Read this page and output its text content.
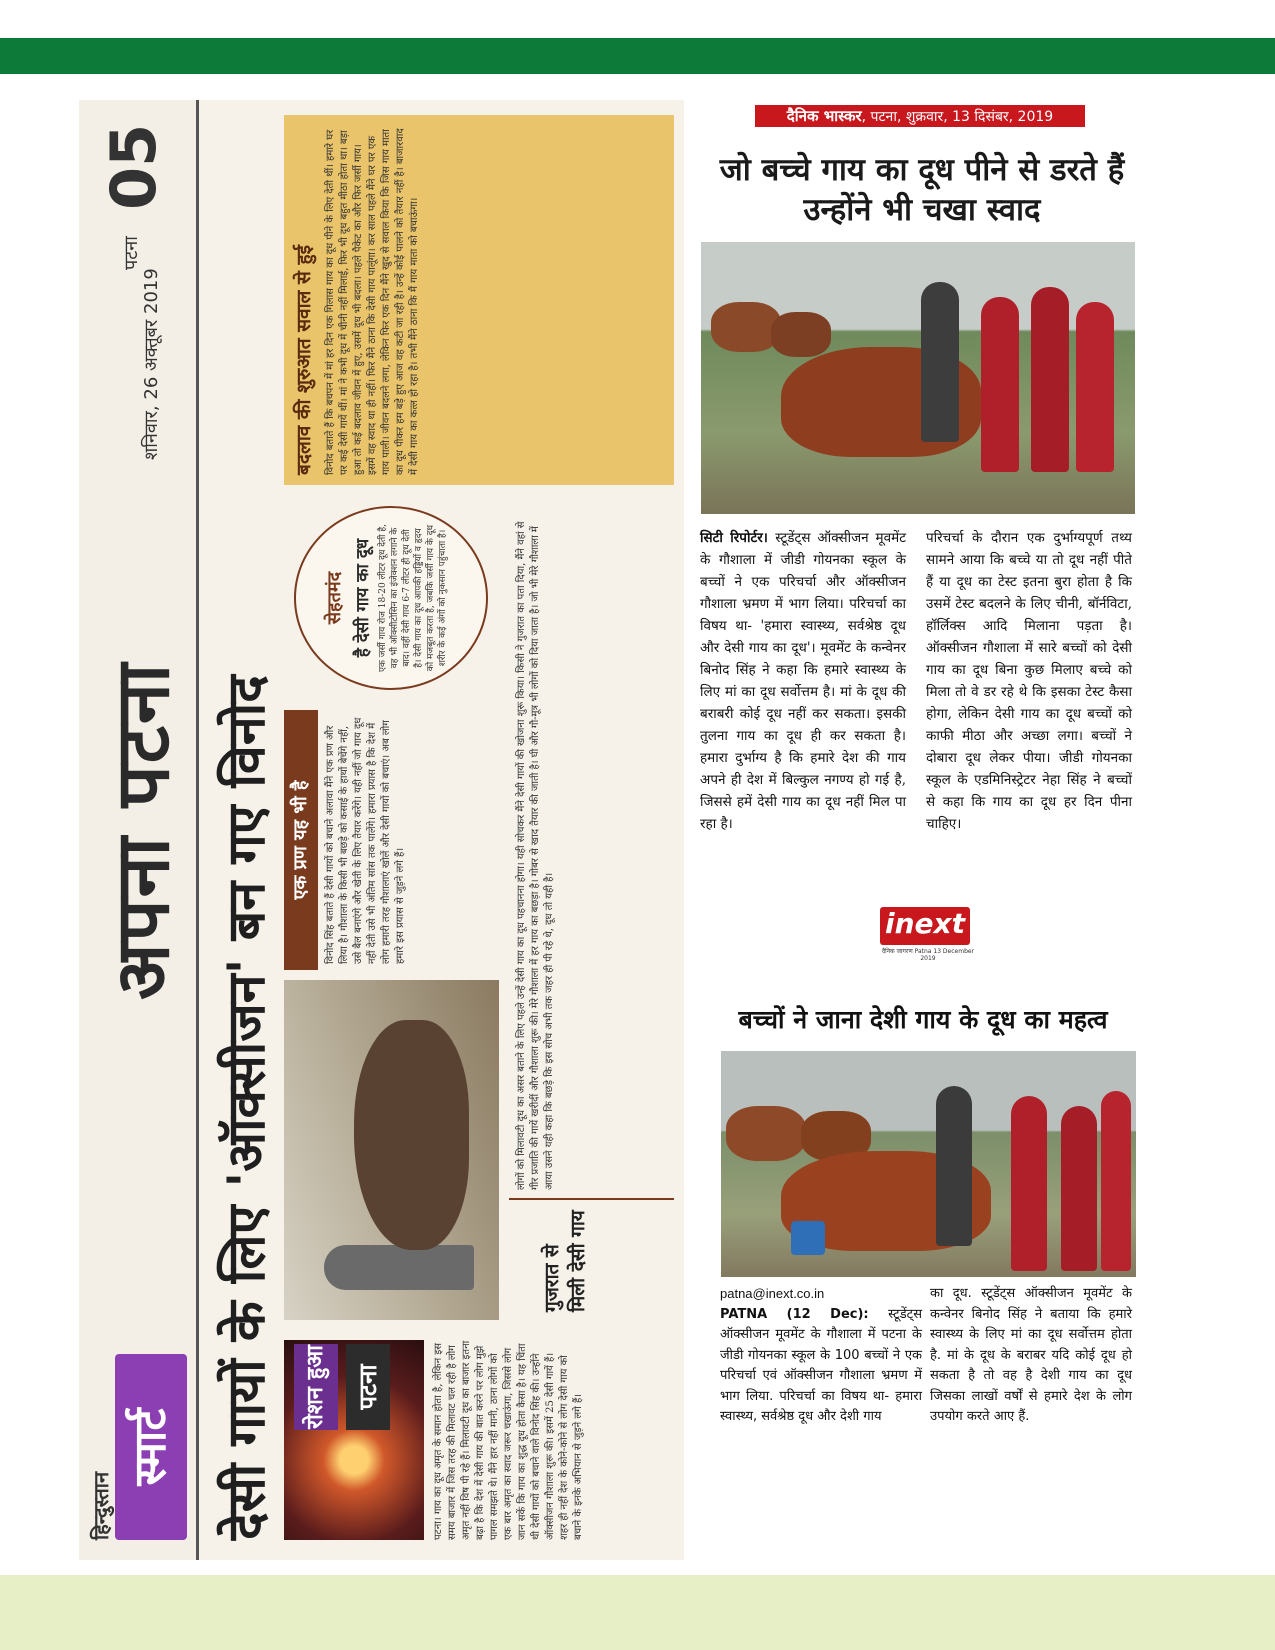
हिन्दुस्तान
स्मार्ट
अपना पटना
शनिवार, 26 अक्तूबर 2019
पटना
05
देसी गायों के लिए 'ऑक्सीजन' बन गए विनोद	रोशन हुआ	पटना	पटना। गाय का दूध अमृत के समान होता है, लेकिन इस समय बाजार में जिस तरह की मिलावट चल रही है लोग अमृत नहीं विष पी रहे हैं। मिलावटी दूध का बाजार इतना बढ़ा है कि देश में देसी गाय की बात करने पर लोग मुझे पागल समझते थे। मैंने हार नहीं मानी, ठाना लोगों को एक बार अमृत का स्वाद जरूर चखाऊंगा, जिससे लोग जान सकें कि गाय का शुद्ध दूध होता कैसा है। यह चिंता थी देसी गायों को बचाने वाले विनोद सिंह की। उन्होंने ऑक्सीजन गौशाला शुरू की। इसमें 25 देसी गायें हैं। शहर ही नहीं देश के कोने-कोने से लोग देसी गाय को बचाने के इनके अभियान से जुड़ने लगे हैं।
एक प्रण यह भी है	विनोद सिंह बताते हैं देसी गायों को बचाने अलावा मैंने एक प्रण और लिया है। गौशाला के किसी भी बछड़े को कसाई के हाथों बेचेंगे नहीं, उसे बैल बनाएंगे और खेती के लिए तैयार करेंगे। यही नहीं जो गाय दूध नहीं देती उसे भी अंतिम सांस तक पालेंगे। हमारा प्रयास है कि देश में लोग हमारी तरह गौशालाएं खोलें और देसी गायों को बचाएं। अब लोग हमारे इस प्रयास से जुड़ने लगे हैं।
सेहतमंद है देसी गाय का दूध एक जर्सी गाय रोज 18-20 लीटर दूध देती है, वह भी ऑक्सीटोसिन का इंजेक्शन लगाने के बाद। वहीं देसी गाय 6-7 लीटर ही दूध देती है। देसी गाय का दूध आपकी हड्डियों व हृदय को मजबूत करता है, जबकि जर्सी गाय के दूध शरीर के कई अंगों को नुकसान पहुंचाता है।
बदलाव की शुरुआत सवाल से हुई	विनोद बताते हैं कि बचपन में मां हर दिन एक गिलास गाय का दूध पीने के लिए देती थीं। हमारे घर पर कई देसी गायें थीं। मां ने कभी दूध में चीनी नहीं मिलाई, फिर भी दूध बहुत मीठा होता था। बड़ा हुआ तो कई बदलाव जीवन में हुए, उसमें दूध भी बदला। पहले पैकेट का और फिर जर्सी गाय। इसमें वह स्वाद था ही नहीं। फिर मैंने ठाना कि देसी गाय पालूंगा। कर साल पहले मैंने घर पर एक गाय पाली। जीवन बदलने लगा, लेकिन फिर एक दिन मैंने खुद से सवाल किया कि जिस गाय माता का दूध पीकर हम बड़े हुए आज वह कटी जा रही है। उन्हें कोई पालने को तैयार नहीं है। बाजारवाद में देसी गाय का कत्ल हो रहा है। तभी मैंने ठाना कि मैं गाय माता को बचाऊंगा।
गुजरात से मिली देसी गाय
लोगों को मिलावटी दूध का असर बताने के लिए पहले उन्हें देसी गाय का दूध पहचानना होगा। यही सोचकर मैंने देसी गायों की खोजना शुरू किया। किसी ने गुजरात का पता दिया, मैंने वहां से गीर प्रजाति की गायें खरीदीं और गौशाला शुरू की। मेरे गौशाला में हर गाय का बछड़ा है। गोबर से खाद तैयार की जाती है। घी और गौ-मूत्र भी लोगों को दिया जाता है। जो भी मेरे गौशाला में आया उसने यही कहा कि बछड़े कि इस सोच अभी तक जहर ही पी रहे थे, दूध तो यही है।
दैनिक भास्कर, पटना, शुक्रवार, 13 दिसंबर, 2019
जो बच्चे गाय का दूध पीने से डरते हैं उन्होंने भी चखा स्वाद
सिटी रिपोर्टर। स्टूडेंट्स ऑक्सीजन मूवमेंट के गौशाला में जीडी गोयनका स्कूल के बच्चों ने एक परिचर्चा और ऑक्सीजन गौशाला भ्रमण में भाग लिया। परिचर्चा का विषय था- 'हमारा स्वास्थ्य, सर्वश्रेष्ठ दूध और देसी गाय का दूध'। मूवमेंट के कन्वेनर बिनोद सिंह ने कहा कि हमारे स्वास्थ्य के लिए मां का दूध सर्वोत्तम है। मां के दूध की बराबरी कोई दूध नहीं कर सकता। इसकी तुलना गाय का दूध ही कर सकता है। हमारा दुर्भाग्य है कि हमारे देश की गाय अपने ही देश में बिल्कुल नगण्य हो गई है, जिससे हमें देसी गाय का दूध नहीं मिल पा रहा है।
परिचर्चा के दौरान एक दुर्भाग्यपूर्ण तथ्य सामने आया कि बच्चे या तो दूध नहीं पीते हैं या दूध का टेस्ट इतना बुरा होता है कि उसमें टेस्ट बदलने के लिए चीनी, बॉर्नविटा, हॉर्लिक्स आदि मिलाना पड़ता है। ऑक्सीजन गौशाला में सारे बच्चों को देसी गाय का दूध बिना कुछ मिलाए बच्चे को मिला तो वे डर रहे थे कि इसका टेस्ट कैसा होगा, लेकिन देसी गाय का दूध बच्चों को काफी मीठा और अच्छा लगा। बच्चों ने दोबारा दूध लेकर पीया। जीडी गोयनका स्कूल के एडमिनिस्ट्रेटर नेहा सिंह ने बच्चों से कहा कि गाय का दूध हर दिन पीना चाहिए।
inext
दैनिक जागरण Patna 13 December 2019
बच्चों ने जाना देशी गाय के दूध का महत्व
patna@inext.co.in
PATNA (12 Dec): स्टूडेंट्स ऑक्सीजन मूवमेंट के गौशाला में पटना के जीडी गोयनका स्कूल के 100 बच्चों ने एक परिचर्चा एवं ऑक्सीजन गौशाला भ्रमण में भाग लिया. परिचर्चा का विषय था- हमारा स्वास्थ्य, सर्वश्रेष्ठ दूध और देशी गाय
का दूध. स्टूडेंट्स ऑक्सीजन मूवमेंट के कन्वेनर बिनोद सिंह ने बताया कि हमारे स्वास्थ्य के लिए मां का दूध सर्वोत्तम होता है. मां के दूध के बराबर यदि कोई दूध हो सकता है तो वह है देशी गाय का दूध जिसका लाखों वर्षों से हमारे देश के लोग उपयोग करते आए हैं.
